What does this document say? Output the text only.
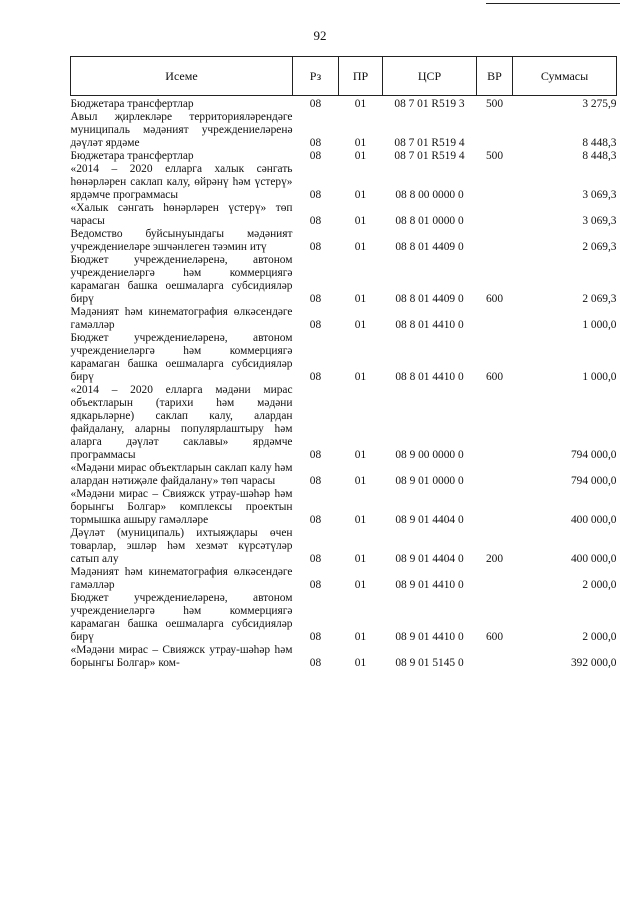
92
Исеме	Рз	ПР	ЦСР	ВР	Суммасы
Бюджетара трансфертлар	08	01	08 7 01 R519 3	500	3 275,9
Авыл җирлекләре территорияләрендәге муниципаль мәдәният учреждениеләренә дәүләт ярдәме	08	01	08 7 01 R519 4		8 448,3
Бюджетара трансфертлар	08	01	08 7 01 R519 4	500	8 448,3
«2014 – 2020 елларга халык сәнгать һөнәрләрен саклап калу, өйрәнү һәм үстерү» ярдәмче программасы	08	01	08 8 00 0000 0		3 069,3
«Халык сәнгать һөнәрләрен үстерү» төп чарасы	08	01	08 8 01 0000 0		3 069,3
Ведомство буйсынуындагы мәдәният учреждениеләре эшчәнлеген тәэмин итү	08	01	08 8 01 4409 0		2 069,3
Бюджет учреждениеләренә, автоном учреждениеләргә һәм коммерциягә карамаган башка оешмаларга субсидияләр бирү	08	01	08 8 01 4409 0	600	2 069,3
Мәдәният һәм кинематография өлкәсендәге гамәлләр	08	01	08 8 01 4410 0		1 000,0
Бюджет учреждениеләренә, автоном учреждениеләргә һәм коммерциягә карамаган башка оешмаларга субсидияләр бирү	08	01	08 8 01 4410 0	600	1 000,0
«2014 – 2020 елларга мәдәни мирас объектларын (тарихи һәм мәдәни ядкарьләрне) саклап калу, алардан файдалану, аларны популярлаштыру һәм аларга дәүләт саклавы» ярдәмче программасы	08	01	08 9 00 0000 0		794 000,0
«Мәдәни мирас объектларын саклап калу һәм алардан нәтиҗәле файдалану» төп чарасы	08	01	08 9 01 0000 0		794 000,0
«Мәдәни мирас – Свияжск утрау-шәһәр һәм борынгы Болгар» комплексы проектын тормышка ашыру гамәлләре	08	01	08 9 01 4404 0		400 000,0
Дәүләт (муниципаль) ихтыяҗлары өчен товарлар, эшләр һәм хезмәт күрсәтүләр сатып алу	08	01	08 9 01 4404 0	200	400 000,0
Мәдәният һәм кинематография өлкәсендәге гамәлләр	08	01	08 9 01 4410 0		2 000,0
Бюджет учреждениеләренә, автоном учреждениеләргә һәм коммерциягә карамаган башка оешмаларга субсидияләр бирү	08	01	08 9 01 4410 0	600	2 000,0
«Мәдәни мирас – Свияжск утрау-шәһәр һәм борынгы Болгар» ком-	08	01	08 9 01 5145 0		392 000,0
